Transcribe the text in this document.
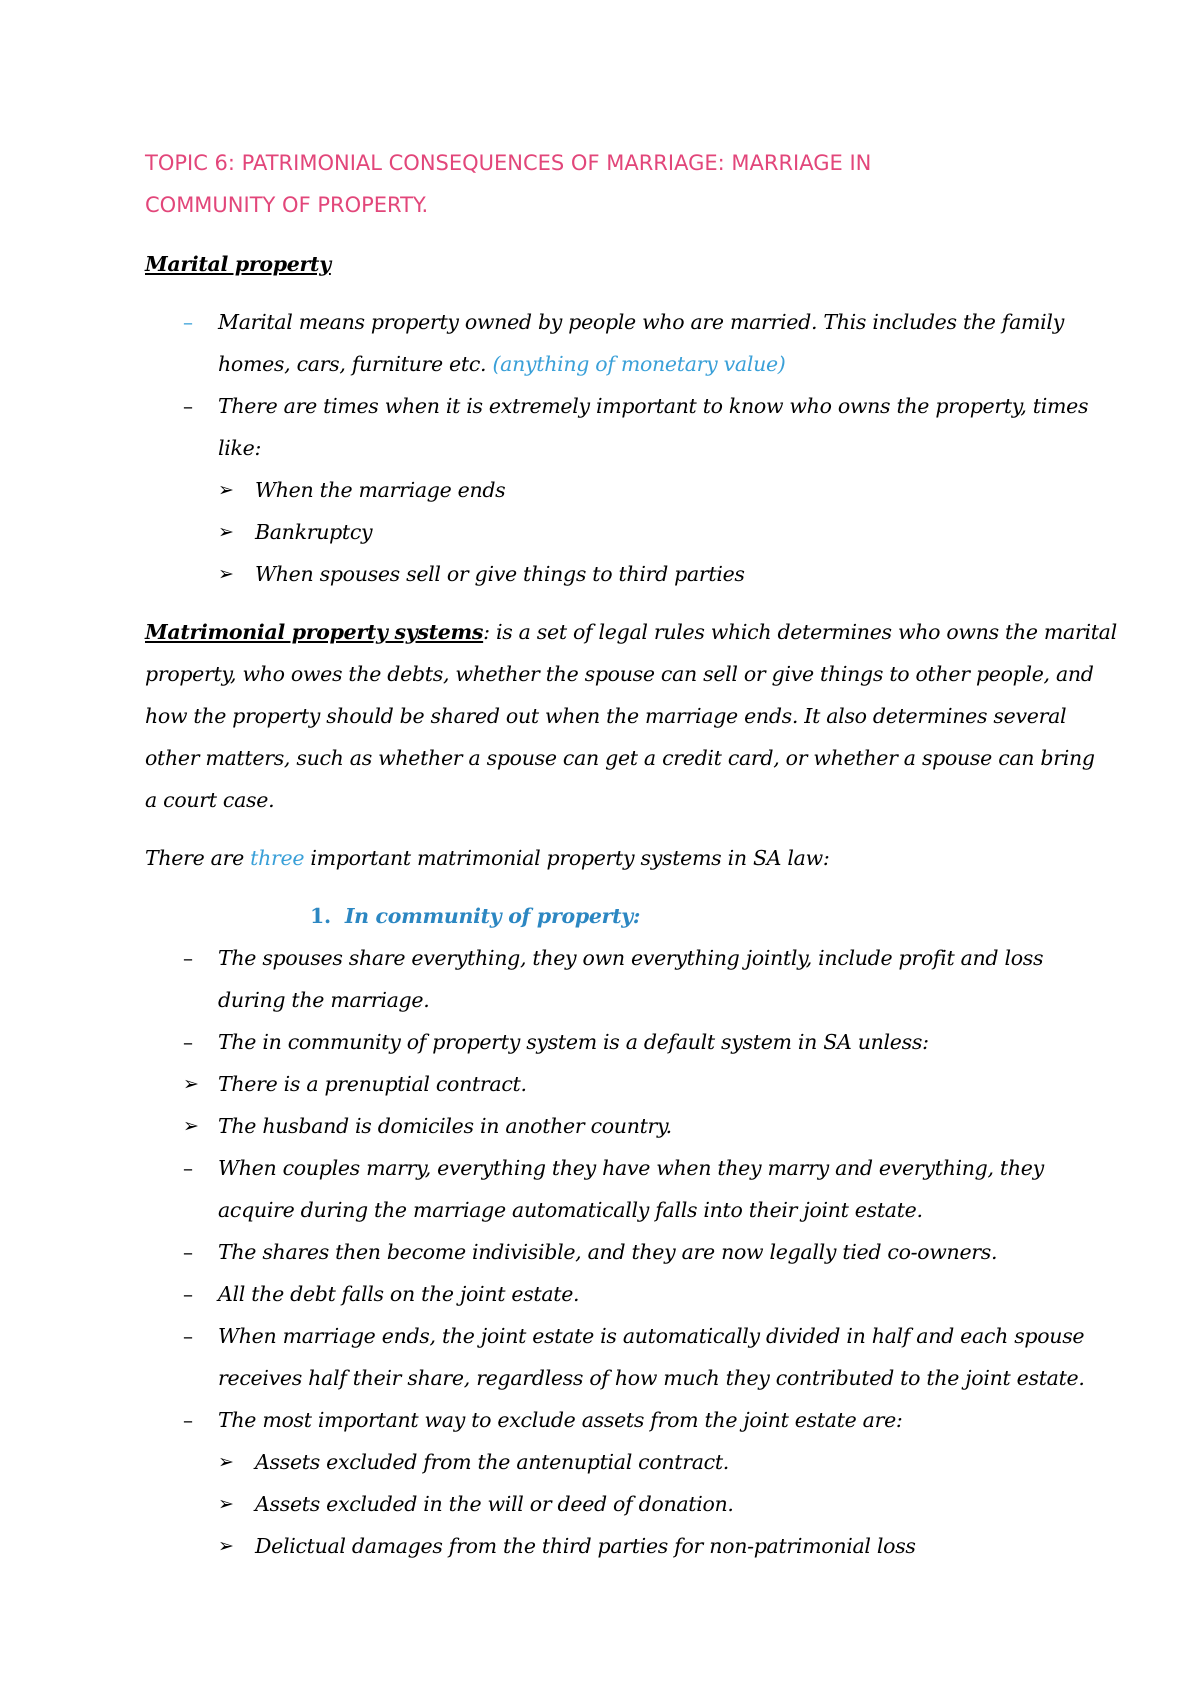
TOPIC 6: PATRIMONIAL CONSEQUENCES OF MARRIAGE: MARRIAGE IN
COMMUNITY OF PROPERTY.
Marital property
– Marital means property owned by people who are married. This includes the family
homes, cars, furniture etc. (anything of monetary value)
– There are times when it is extremely important to know who owns the property, times
like:
➢ When the marriage ends
➢ Bankruptcy
➢ When spouses sell or give things to third parties
Matrimonial property systems: is a set of legal rules which determines who owns the marital
property, who owes the debts, whether the spouse can sell or give things to other people, and
how the property should be shared out when the marriage ends. It also determines several
other matters, such as whether a spouse can get a credit card, or whether a spouse can bring
a court case.
There are three important matrimonial property systems in SA law:
1. In community of property:
– The spouses share everything, they own everything jointly, include profit and loss
during the marriage.
– The in community of property system is a default system in SA unless:
➢ There is a prenuptial contract.
➢ The husband is domiciles in another country.
– When couples marry, everything they have when they marry and everything, they
acquire during the marriage automatically falls into their joint estate.
– The shares then become indivisible, and they are now legally tied co-owners.
– All the debt falls on the joint estate.
– When marriage ends, the joint estate is automatically divided in half and each spouse
receives half their share, regardless of how much they contributed to the joint estate.
– The most important way to exclude assets from the joint estate are:
➢ Assets excluded from the antenuptial contract.
➢ Assets excluded in the will or deed of donation.
➢ Delictual damages from the third parties for non-patrimonial loss
